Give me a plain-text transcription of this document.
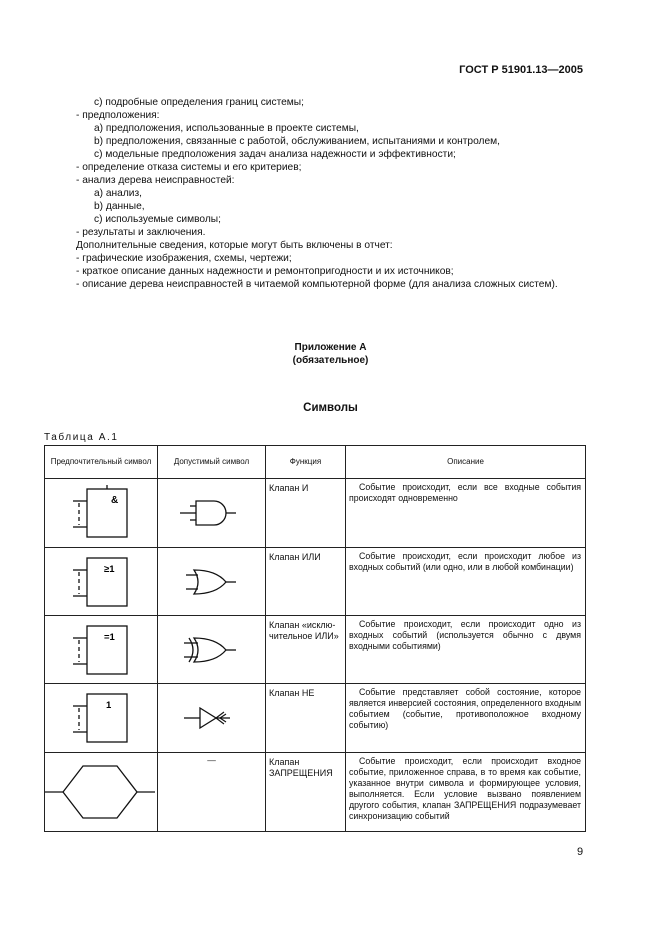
ГОСТ Р 51901.13—2005
с) подробные определения границ системы;
- предположения:
а) предположения, использованные в проекте системы,
b) предположения, связанные с работой, обслуживанием, испытаниями и контролем,
с) модельные предположения задач анализа надежности и эффективности;
- определение отказа системы и его критериев;
- анализ дерева неисправностей:
а) анализ,
b) данные,
с) используемые символы;
- результаты и заключения.
Дополнительные сведения, которые могут быть включены в отчет:
- графические изображения, схемы, чертежи;
- краткое описание данных надежности и ремонтопригодности и их источников;
- описание дерева неисправностей в читаемой компьютерной форме (для анализа сложных систем).
Приложение А
(обязательное)
Символы
Таблица А.1
Предпочтительный символ	Допустимый символ	Функция	Описание

&		Клапан И	Событие происходит, если все входные события происходят одновременно

≥1		Клапан ИЛИ	Событие происходит, если происходит любое из входных событий (или одно, или в любой комбинации)

=1		Клапан «исклю-чительное ИЛИ»	Событие происходит, если происходит одно из входных событий (используется обычно с двумя входными событиями)

1		Клапан НЕ	Событие представляет собой состояние, которое является инверсией состояния, определенного входным событием (событие, противоположное входному событию)

	—	Клапан ЗАПРЕЩЕНИЯ	Событие происходит, если происходит входное событие, приложенное справа, в то время как событие, указанное внутри символа и формирующее условия, выполняется. Если условие вызвано появлением другого события, клапан ЗАПРЕЩЕНИЯ подразумевает синхронизацию событий
9
